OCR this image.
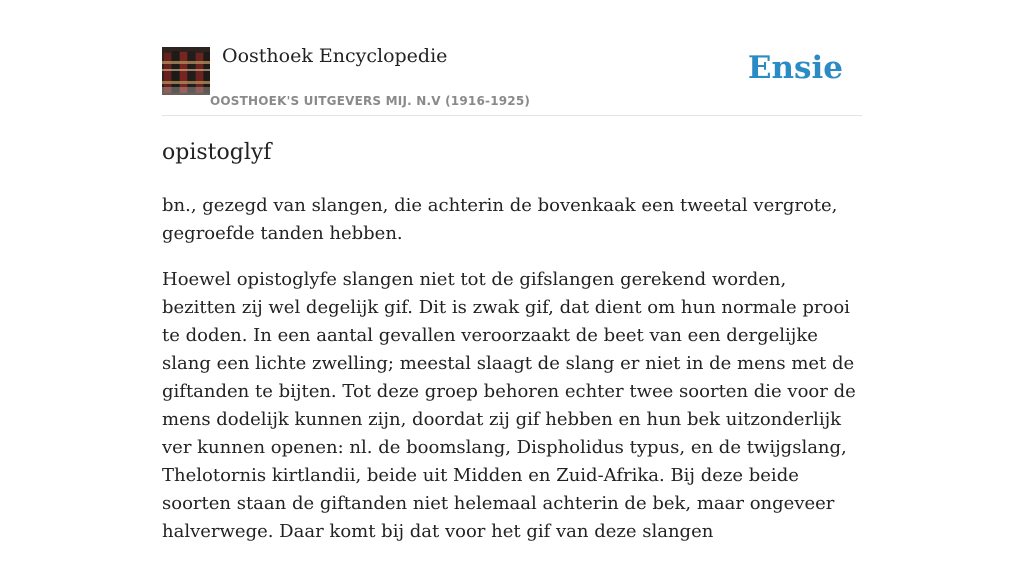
Oosthoek Encyclopedie
OOSTHOEK'S UITGEVERS MIJ. N.V (1916-1925)
Ensie
opistoglyf

bn., gezegd van slangen, die achterin de bovenkaak een tweetal vergrote, gegroefde tanden hebben.

Hoewel opistoglyfe slangen niet tot de gifslangen gerekend worden, bezitten zij wel degelijk gif. Dit is zwak gif, dat dient om hun normale prooi te doden. In een aantal gevallen veroorzaakt de beet van een dergelijke slang een lichte zwelling; meestal slaagt de slang er niet in de mens met de giftanden te bijten. Tot deze groep behoren echter twee soorten die voor de mens dodelijk kunnen zijn, doordat zij gif hebben en hun bek uitzonderlijk ver kunnen openen: nl. de boomslang, Dispholidus typus, en de twijgslang, Thelotornis kirtlandii, beide uit Midden en Zuid-Afrika. Bij deze beide soorten staan de giftanden niet helemaal achterin de bek, maar ongeveer halverwege. Daar komt bij dat voor het gif van deze slangen
